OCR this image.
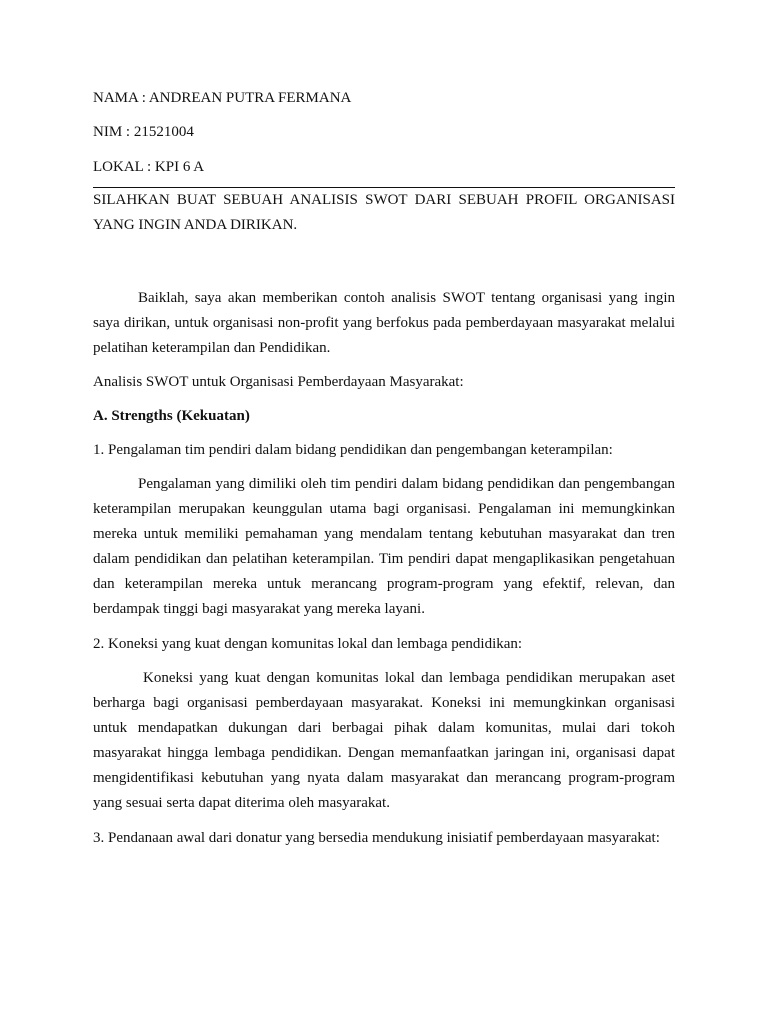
NAMA : ANDREAN PUTRA FERMANA

NIM : 21521004

LOKAL : KPI 6 A

SILAHKAN BUAT SEBUAH ANALISIS SWOT DARI SEBUAH PROFIL ORGANISASI YANG INGIN ANDA DIRIKAN.

Baiklah, saya akan memberikan contoh analisis SWOT tentang organisasi yang ingin saya dirikan, untuk organisasi non-profit yang berfokus pada pemberdayaan masyarakat melalui pelatihan keterampilan dan Pendidikan.

Analisis SWOT untuk Organisasi Pemberdayaan Masyarakat:

A. Strengths (Kekuatan)

1. Pengalaman tim pendiri dalam bidang pendidikan dan pengembangan keterampilan:

Pengalaman yang dimiliki oleh tim pendiri dalam bidang pendidikan dan pengembangan keterampilan merupakan keunggulan utama bagi organisasi. Pengalaman ini memungkinkan mereka untuk memiliki pemahaman yang mendalam tentang kebutuhan masyarakat dan tren dalam pendidikan dan pelatihan keterampilan. Tim pendiri dapat mengaplikasikan pengetahuan dan keterampilan mereka untuk merancang program-program yang efektif, relevan, dan berdampak tinggi bagi masyarakat yang mereka layani.

2. Koneksi yang kuat dengan komunitas lokal dan lembaga pendidikan:

Koneksi yang kuat dengan komunitas lokal dan lembaga pendidikan merupakan aset berharga bagi organisasi pemberdayaan masyarakat. Koneksi ini memungkinkan organisasi untuk mendapatkan dukungan dari berbagai pihak dalam komunitas, mulai dari tokoh masyarakat hingga lembaga pendidikan. Dengan memanfaatkan jaringan ini, organisasi dapat mengidentifikasi kebutuhan yang nyata dalam masyarakat dan merancang program-program yang sesuai serta dapat diterima oleh masyarakat.

3. Pendanaan awal dari donatur yang bersedia mendukung inisiatif pemberdayaan masyarakat:
